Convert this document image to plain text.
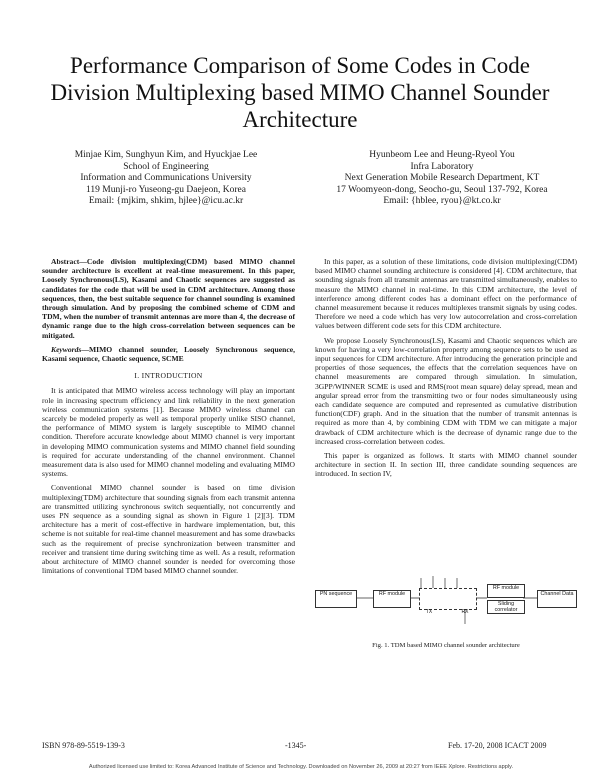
Performance Comparison of Some Codes in Code Division Multiplexing based MIMO Channel Sounder Architecture
Minjae Kim, Sunghyun Kim, and Hyuckjae Lee
School of Engineering
Information and Communications University
119 Munji-ro Yuseong-gu Daejeon, Korea
Email: {mjkim, shkim, hjlee}@icu.ac.kr
Hyunbeom Lee and Heung-Ryeol You
Infra Laboratory
Next Generation Mobile Research Department, KT
17 Woomyeon-dong, Seocho-gu, Seoul 137-792, Korea
Email: {hblee, ryou}@kt.co.kr

Abstract—Code division multiplexing(CDM) based MIMO channel sounder architecture is excellent at real-time measurement. In this paper, Loosely Synchronous(LS), Kasami and Chaotic sequences are suggested as candidates for the code that will be used in CDM architecture. Among those sequences, then, the best suitable sequence for channel sounding is examined through simulation. And by proposing the combined scheme of CDM and TDM, when the number of transmit antennas are more than 4, the decrease of dynamic range due to the high cross-correlation between sequences can be mitigated.

Keywords—MIMO channel sounder, Loosely Synchronous sequence, Kasami sequence, Chaotic sequence, SCME

I. INTRODUCTION

It is anticipated that MIMO wireless access technology will play an important role in increasing spectrum efficiency and link reliability in the next generation wireless communication systems [1]. Because MIMO wireless channel can scarcely be modeled properly as well as temporal properly unlike SISO channel, the performance of MIMO system is largely susceptible to MIMO channel condition. Therefore accurate knowledge about MIMO channel is very important in developing MIMO communication systems and MIMO channel field sounding is required for accurate understanding of the channel environment. Channel measurement data is also used for MIMO channel modeling and evaluating MIMO systems.

Conventional MIMO channel sounder is based on time division multiplexing(TDM) architecture that sounding signals from each transmit antenna are transmitted utilizing synchronous switch sequentially, not concurrently and uses PN sequence as a sounding signal as shown in Figure 1 [2][3]. TDM architecture has a merit of cost-effective in hardware implementation, but, this scheme is not suitable for real-time channel measurement and has some drawbacks such as the requirement of precise synchronization between transmitter and receiver and transient time during switching time as well. As a result, reformation about architecture of MIMO channel sounder is needed for overcoming those limitations of conventional TDM based MIMO channel sounder.

In this paper, as a solution of these limitations, code division multiplexing(CDM) based MIMO channel sounding architecture is considered [4]. CDM architecture, that sounding signals from all transmit antennas are transmitted simultaneously, enables to measure the MIMO channel in real-time. In this CDM architecture, the level of interference among different codes has a dominant effect on the performance of channel measurement because it reduces multiplexes transmit signals by using codes. Therefore we need a code which has very low autocorrelation and cross-correlation values between different code sets for this CDM architecture.

We propose Loosely Synchronous(LS), Kasami and Chaotic sequences which are known for having a very low-correlation property among sequence sets to be used as input sequences for CDM architecture. After introducing the generation principle and properties of those sequences, the effects that the correlation sequences have on channel measurements are compared through simulation. In simulation, 3GPP/WINNER SCME is used and RMS(root mean square) delay spread, mean and angular spread error from the transmitting two or four nodes simultaneously using each candidate sequence are computed and represented as cumulative distribution function(CDF) graph. And in the situation that the number of transmit antennas is required as more than 4, by combining CDM with TDM we can mitigate a major drawback of CDM architecture which is the decrease of dynamic range due to the increased cross-correlation between codes.

This paper is organized as follows. It starts with MIMO channel sounder architecture in section II. In section III, three candidate sounding sequences are introduced. In section IV,

PN sequence	RF module
TX	RX
RF module
Sliding correlator
Channel Data
Fig. 1. TDM based MIMO channel sounder architecture
ISBN 978-89-5519-139-3	-1345-	Feb. 17-20, 2008 ICACT 2009
Authorized licensed use limited to: Korea Advanced Institute of Science and Technology. Downloaded on November 26, 2009 at 20:27 from IEEE Xplore. Restrictions apply.
